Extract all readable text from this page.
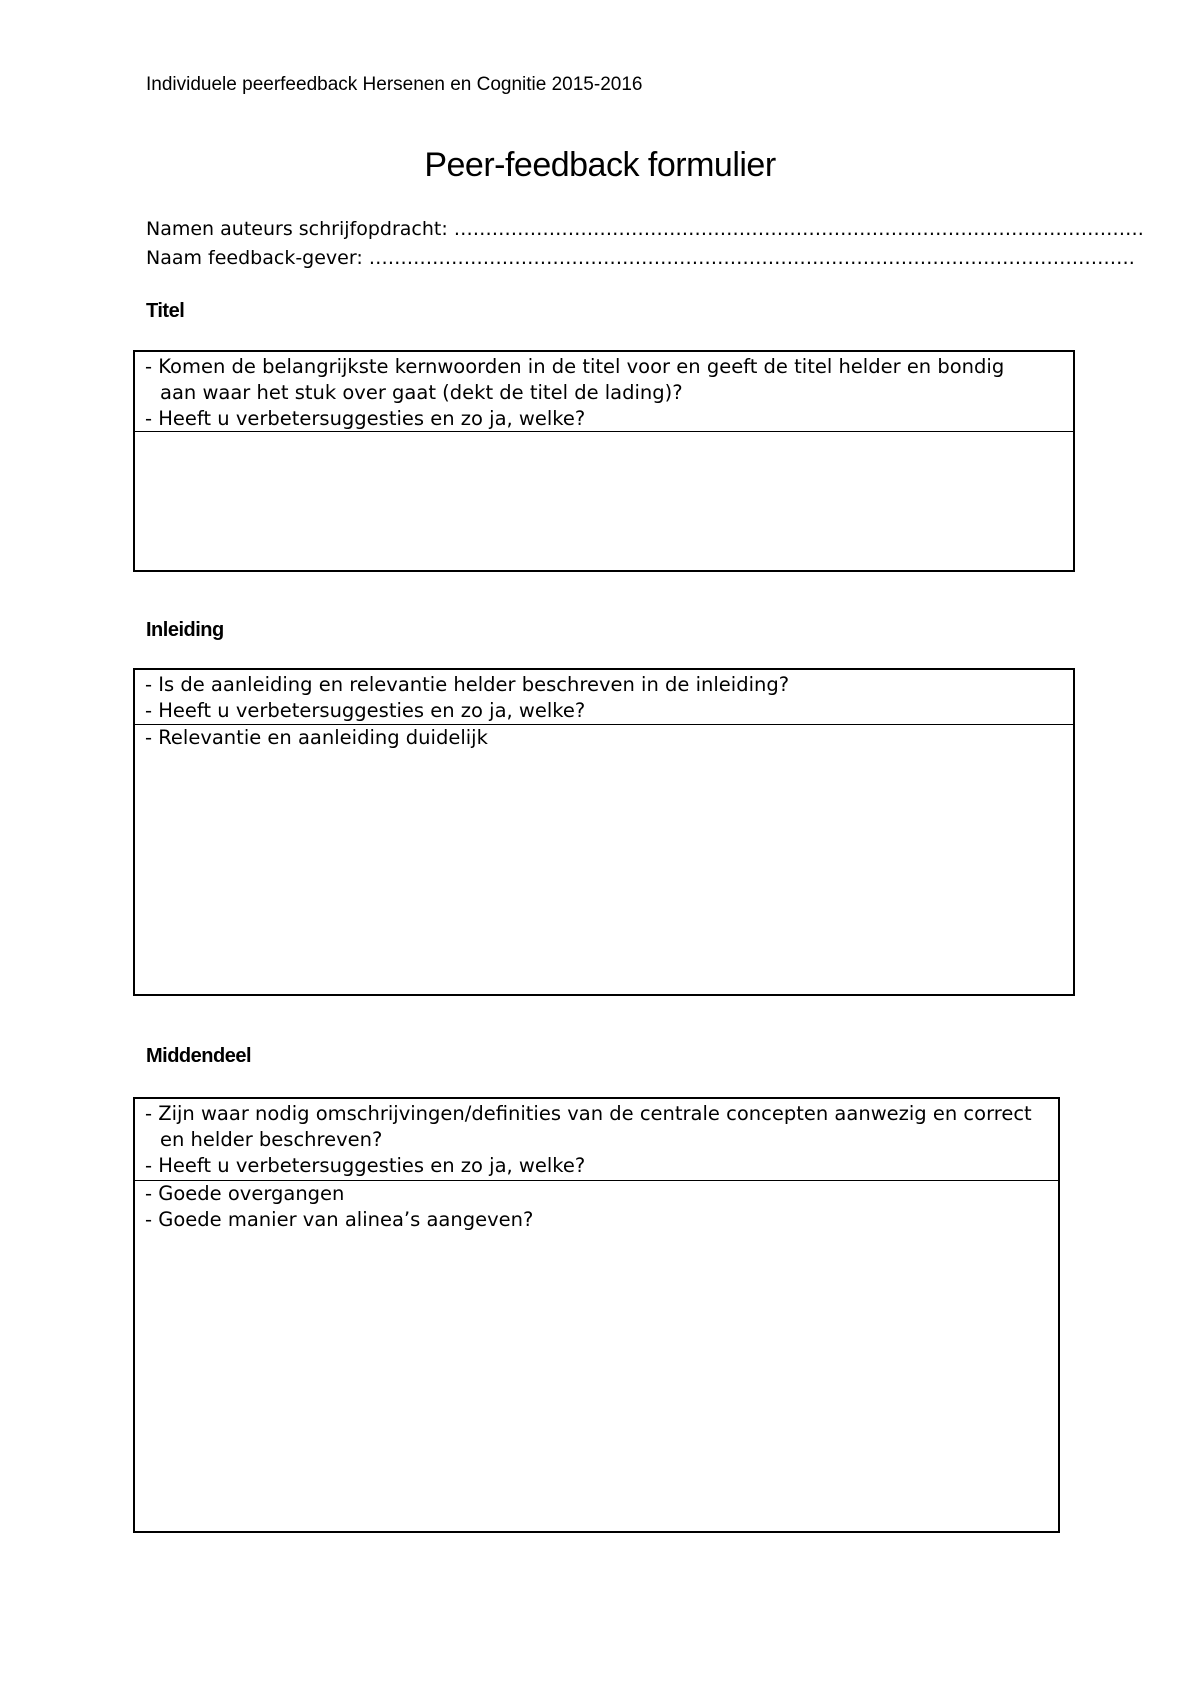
Individuele peerfeedback Hersenen en Cognitie 2015-2016
Peer-feedback formulier
Namen auteurs schrijfopdracht: ……………………………………………………………………………………………….
Naam feedback-gever: ………………………………………………………………………………………………………….
Titel
- Komen de belangrijkste kernwoorden in de titel voor en geeft de titel helder en bondig
aan waar het stuk over gaat (dekt de titel de lading)?
- Heeft u verbetersuggesties en zo ja, welke?
Inleiding
- Is de aanleiding en relevantie helder beschreven in de inleiding?
- Heeft u verbetersuggesties en zo ja, welke?
- Relevantie en aanleiding duidelijk
Middendeel
- Zijn waar nodig omschrijvingen/definities van de centrale concepten aanwezig en correct
en helder beschreven?
- Heeft u verbetersuggesties en zo ja, welke?
- Goede overgangen
- Goede manier van alinea’s aangeven?
